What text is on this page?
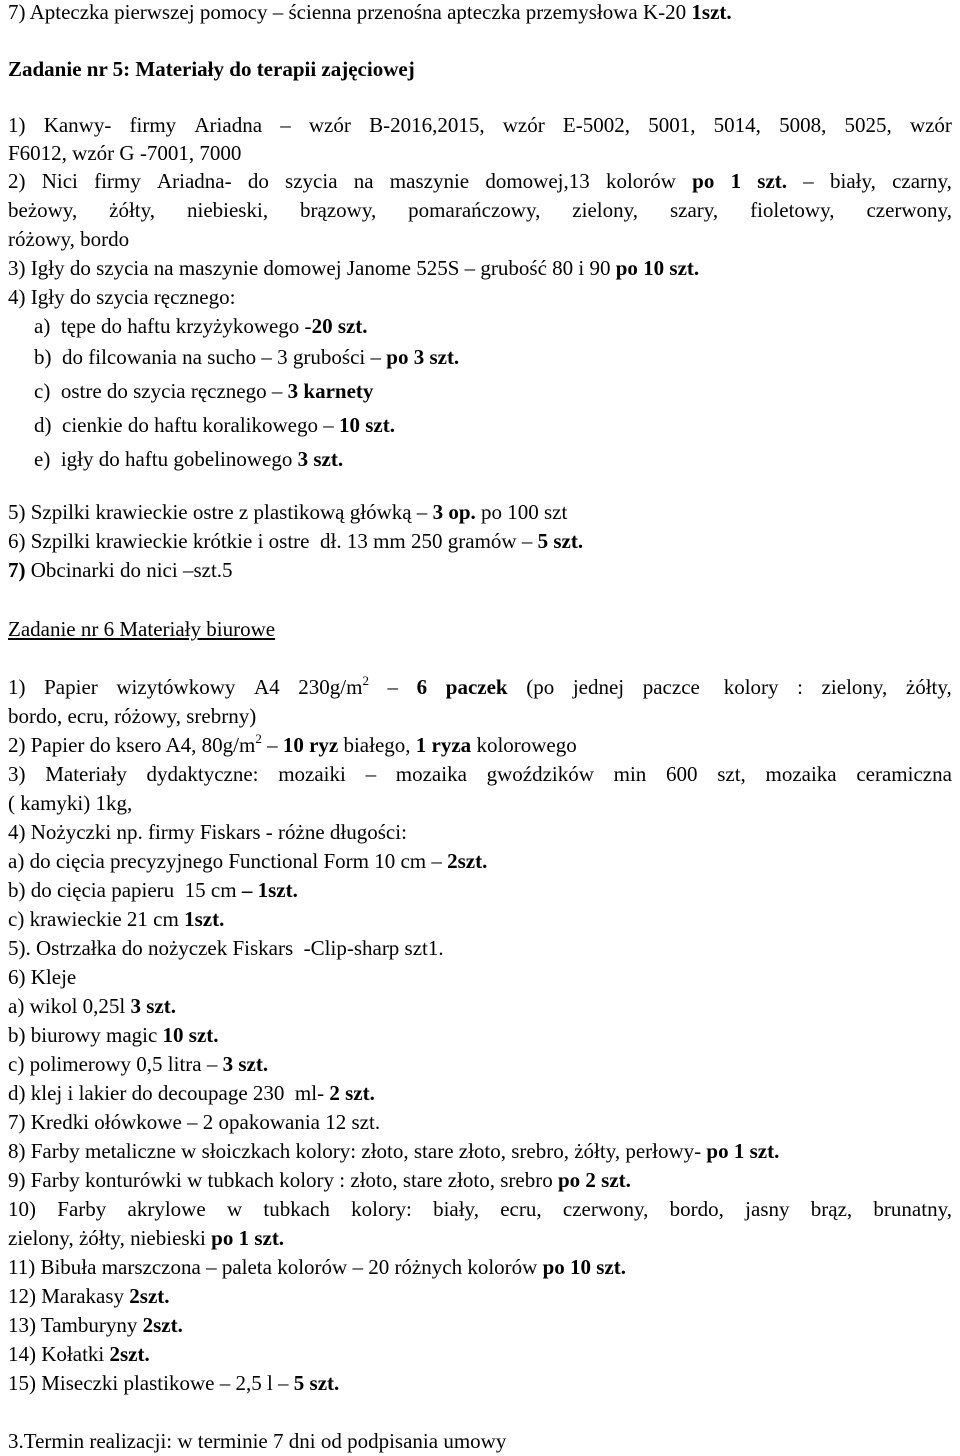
7) Apteczka pierwszej pomocy – ścienna przenośna apteczka przemysłowa K-20 1szt.
Zadanie nr 5: Materiały do terapii zajęciowej
1) Kanwy- firmy Ariadna – wzór B-2016,2015, wzór E-5002, 5001, 5014, 5008, 5025, wzór
F6012, wzór G -7001, 7000
2) Nici firmy Ariadna- do szycia na maszynie domowej,13 kolorów po 1 szt. – biały, czarny,
beżowy, żółty, niebieski, brązowy, pomarańczowy, zielony, szary, fioletowy, czerwony,
różowy, bordo
3) Igły do szycia na maszynie domowej Janome 525S – grubość 80 i 90 po 10 szt.
4) Igły do szycia ręcznego:
a)  tępe do haftu krzyżykowego -20 szt.
b)  do filcowania na sucho – 3 grubości – po 3 szt.
c)  ostre do szycia ręcznego – 3 karnety
d)  cienkie do haftu koralikowego – 10 szt.
e)  igły do haftu gobelinowego 3 szt.
5) Szpilki krawieckie ostre z plastikową główką – 3 op. po 100 szt
6) Szpilki krawieckie krótkie i ostre  dł. 13 mm 250 gramów – 5 szt.
7) Obcinarki do nici –szt.5
Zadanie nr 6 Materiały biurowe
1) Papier wizytówkowy A4 $230g/m^2 - 6$ paczek (po jednej paczce kolory : zielony, żółty,
bordo, ecru, różowy, srebrny)
2) Papier do ksero A4, $80g/m^2 - 10$ ryz białego, 1 ryza kolorowego
3) Materiały dydaktyczne: mozaiki – mozaika gwoździków min 600 szt, mozaika ceramiczna
( kamyki) 1kg,
4) Nożyczki np. firmy Fiskars - różne długości:
a) do cięcia precyzyjnego Functional Form 10 cm – 2szt.
b) do cięcia papieru  15 cm – 1szt.
c) krawieckie 21 cm 1szt.
5). Ostrzałka do nożyczek Fiskars  -Clip-sharp szt1.
6) Kleje
a) wikol 0,25l 3 szt.
b) biurowy magic 10 szt.
c) polimerowy 0,5 litra – 3 szt.
d) klej i lakier do decoupage 230  ml- 2 szt.
7) Kredki ołówkowe – 2 opakowania 12 szt.
8) Farby metaliczne w słoiczkach kolory: złoto, stare złoto, srebro, żółty, perłowy- po 1 szt.
9) Farby konturówki w tubkach kolory : złoto, stare złoto, srebro po 2 szt.
10) Farby akrylowe w tubkach kolory: biały, ecru, czerwony, bordo, jasny brąz, brunatny,
zielony, żółty, niebieski po 1 szt.
11) Bibuła marszczona – paleta kolorów – 20 różnych kolorów po 10 szt.
12) Marakasy 2szt.
13) Tamburyny 2szt.
14) Kołatki 2szt.
15) Miseczki plastikowe – 2,5 l – 5 szt.
3.Termin realizacji: w terminie 7 dni od podpisania umowy
